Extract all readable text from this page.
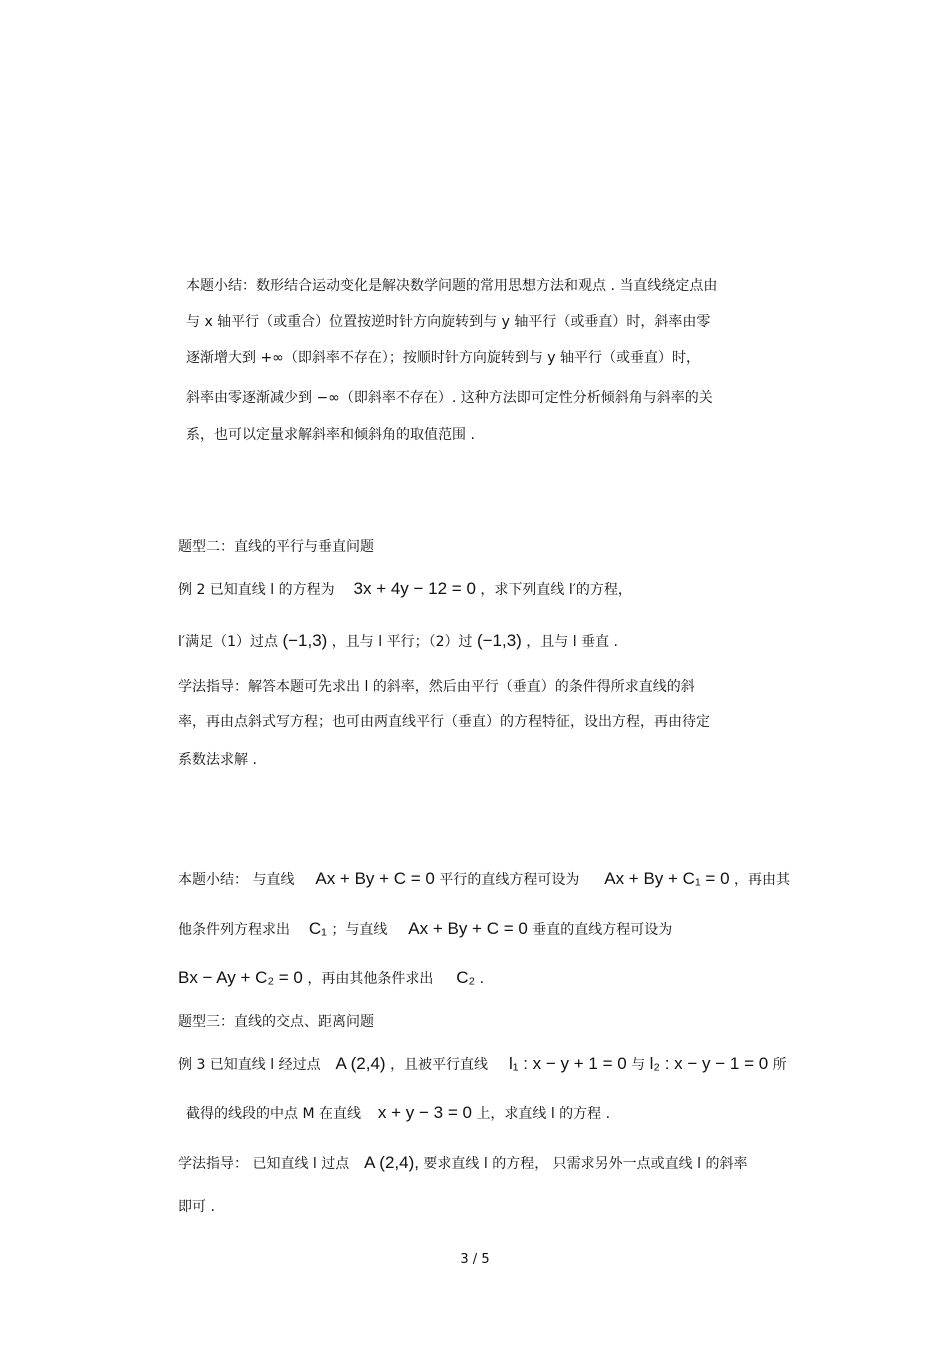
本题小结：数形结合运动变化是解决数学问题的常用思想方法和观点 . 当直线绕定点由
与 x 轴平行（或重合）位置按逆时针方向旋转到与 y 轴平行（或垂直）时，斜率由零
逐渐增大到 +∞（即斜率不存在）；按顺时针方向旋转到与 y 轴平行（或垂直）时，
斜率由零逐渐减少到 −∞（即斜率不存在）. 这种方法即可定性分析倾斜角与斜率的关
系，也可以定量求解斜率和倾斜角的取值范围 .
题型二：直线的平行与垂直问题
例 2 已知直线 l 的方程为 3x + 4y − 12 = 0 ，求下列直线 l′的方程，
l′满足（1）过点 (−1,3) ，且与 l 平行；（2）过 (−1,3) ，且与 l 垂直 .
学法指导：解答本题可先求出 l 的斜率，然后由平行（垂直）的条件得所求直线的斜
率，再由点斜式写方程；也可由两直线平行（垂直）的方程特征，设出方程，再由待定
系数法求解 .
本题小结： 与直线 Ax + By + C = 0 平行的直线方程可设为 Ax + By + C₁ = 0 ，再由其
他条件列方程求出 C₁ ；与直线 Ax + By + C = 0 垂直的直线方程可设为
Bx − Ay + C₂ = 0 ，再由其他条件求出 C₂ .
题型三：直线的交点、距离问题
例 3 已知直线 l 经过点 A (2,4) ，且被平行直线 l₁ : x − y + 1 = 0 与 l₂ : x − y − 1 = 0 所
截得的线段的中点 M 在直线 x + y − 3 = 0 上，求直线 l 的方程 .
学法指导： 已知直线 l 过点 A (2,4), 要求直线 l 的方程， 只需求另外一点或直线 l 的斜率
即可 .
3 / 5
